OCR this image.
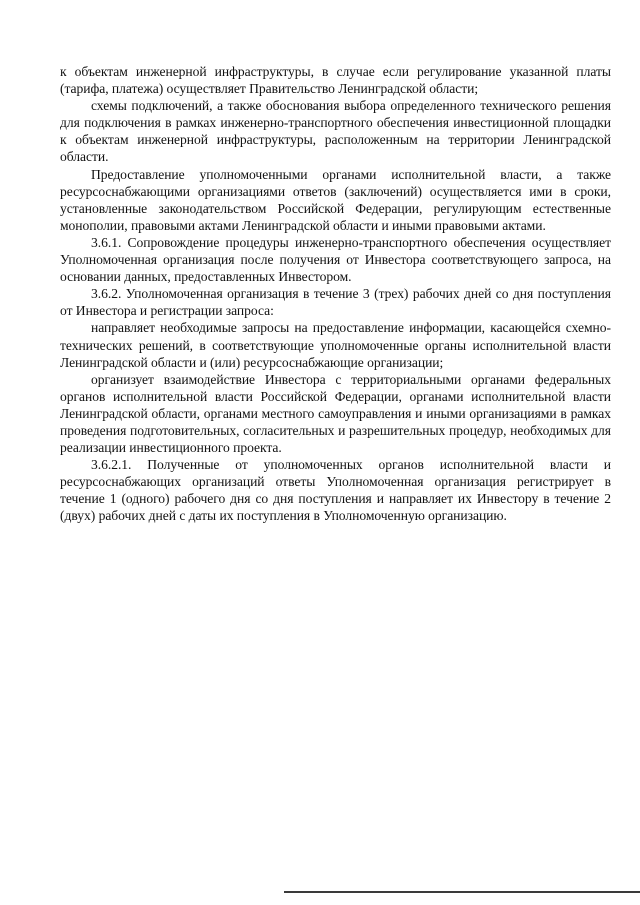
к объектам инженерной инфраструктуры, в случае если регулирование указанной платы (тарифа, платежа) осуществляет Правительство Ленинградской области;

схемы подключений, а также обоснования выбора определенного технического решения для подключения в рамках инженерно-транспортного обеспечения инвестиционной площадки к объектам инженерной инфраструктуры, расположенным на территории Ленинградской области.

Предоставление уполномоченными органами исполнительной власти, а также ресурсоснабжающими организациями ответов (заключений) осуществляется ими в сроки, установленные законодательством Российской Федерации, регулирующим естественные монополии, правовыми актами Ленинградской области и иными правовыми актами.

3.6.1. Сопровождение процедуры инженерно-транспортного обеспечения осуществляет Уполномоченная организация после получения от Инвестора соответствующего запроса, на основании данных, предоставленных Инвестором.

3.6.2. Уполномоченная организация в течение 3 (трех) рабочих дней со дня поступления от Инвестора и регистрации запроса:

направляет необходимые запросы на предоставление информации, касающейся схемно-технических решений, в соответствующие уполномоченные органы исполнительной власти Ленинградской области и (или) ресурсоснабжающие организации;

организует взаимодействие Инвестора с территориальными органами федеральных органов исполнительной власти Российской Федерации, органами исполнительной власти Ленинградской области, органами местного самоуправления и иными организациями в рамках проведения подготовительных, согласительных и разрешительных процедур, необходимых для реализации инвестиционного проекта.

3.6.2.1. Полученные от уполномоченных органов исполнительной власти и ресурсоснабжающих организаций ответы Уполномоченная организация регистрирует в течение 1 (одного) рабочего дня со дня поступления и направляет их Инвестору в течение 2 (двух) рабочих дней с даты их поступления в Уполномоченную организацию.
